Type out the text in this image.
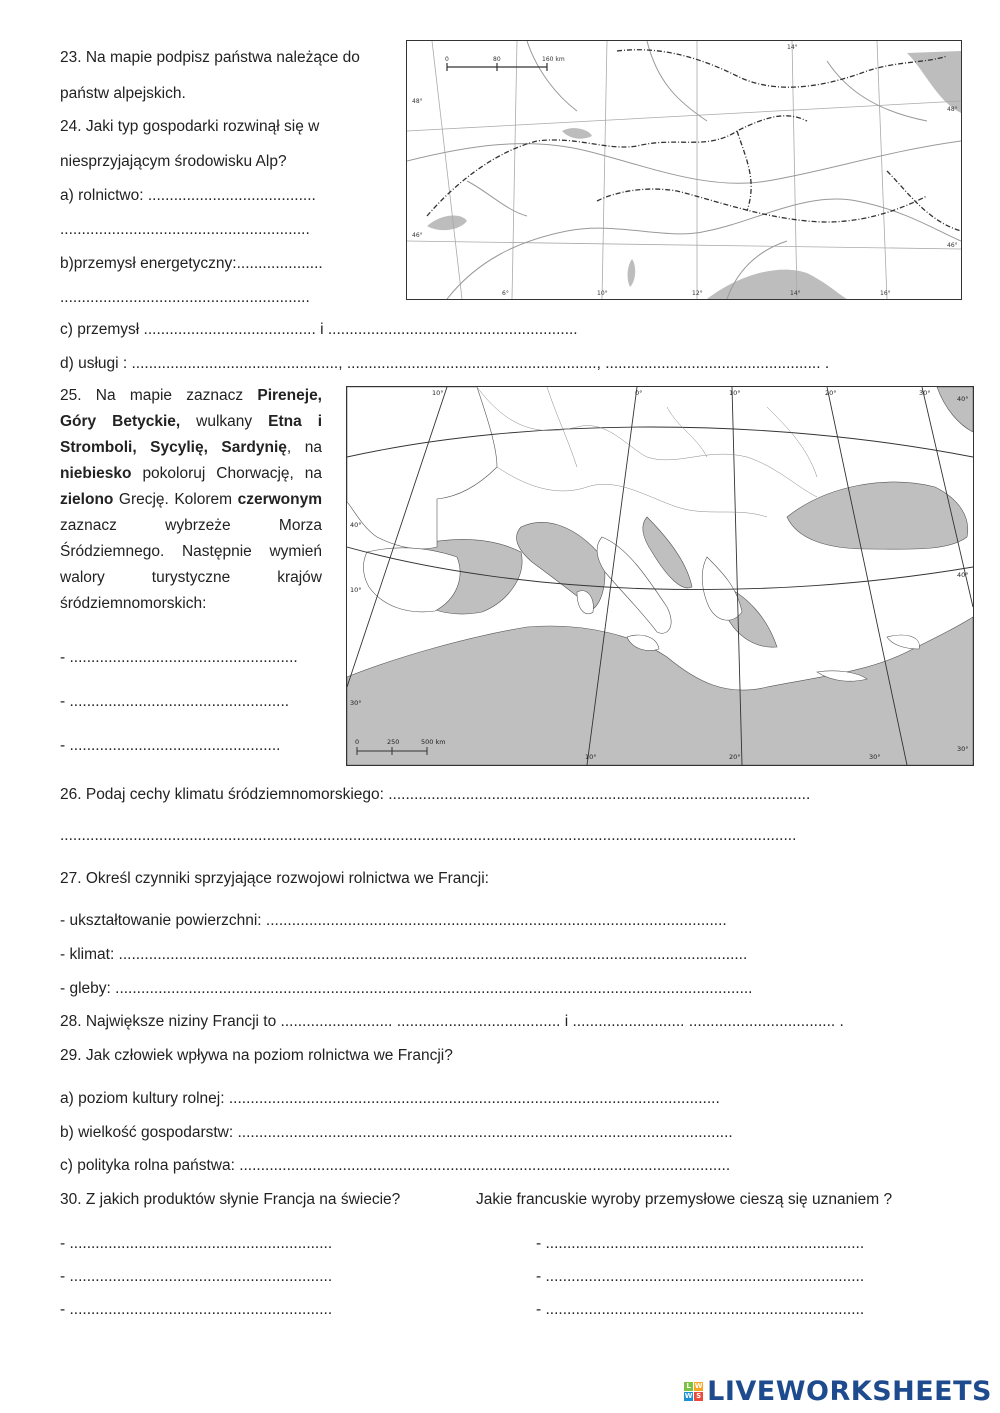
23. Na mapie podpisz państwa należące do
państw alpejskich.
24. Jaki typ gospodarki rozwinął się w
niesprzyjającym środowisku Alp?
a) rolnictwo: .......................................
..........................................................
b)przemysł energetyczny:....................
..........................................................
c) przemysł ........................................ i ..........................................................
d) usługi : ................................................, .........................................................., .................................................. .
0	80	160 km
48°
46°
48°
46°
14°
6°	10°	12°	14°	16°
25. Na mapie zaznacz Pireneje, Góry Betyckie, wulkany Etna i Stromboli, Sycylię, Sardynię, na niebiesko pokoloruj Chorwację, na zielono Grecję. Kolorem czerwonym zaznacz wybrzeże Morza Śródziemnego. Następnie wymień walory turystyczne krajów śródziemnomorskich:
- .....................................................
- ...................................................
- .................................................
10°	0°	10°	20°	30°
40°
40°
10°
30°
40°
30°
10°	20°	30°
0	250	500 km
26. Podaj cechy klimatu śródziemnomorskiego: ..................................................................................................
...........................................................................................................................................................................
27. Określ czynniki sprzyjające rozwojowi rolnictwa we Francji:
- ukształtowanie powierzchni: ...........................................................................................................
- klimat: ..................................................................................................................................................
- gleby: ....................................................................................................................................................
28. Największe niziny Francji to .......................... ...................................... i .......................... .................................. .
29. Jak człowiek wpływa na poziom rolnictwa we Francji?
a) poziom kultury rolnej: ..................................................................................................................
b) wielkość gospodarstw: ...................................................................................................................
c) polityka rolna państwa: ..................................................................................................................
30. Z jakich produktów słynie Francja na świecie?	Jakie francuskie wyroby przemysłowe cieszą się uznaniem ?
- .............................................................
- .............................................................
- .............................................................
- ..........................................................................
- ..........................................................................
- ..........................................................................
L W
W S LIVEWORKSHEETS
